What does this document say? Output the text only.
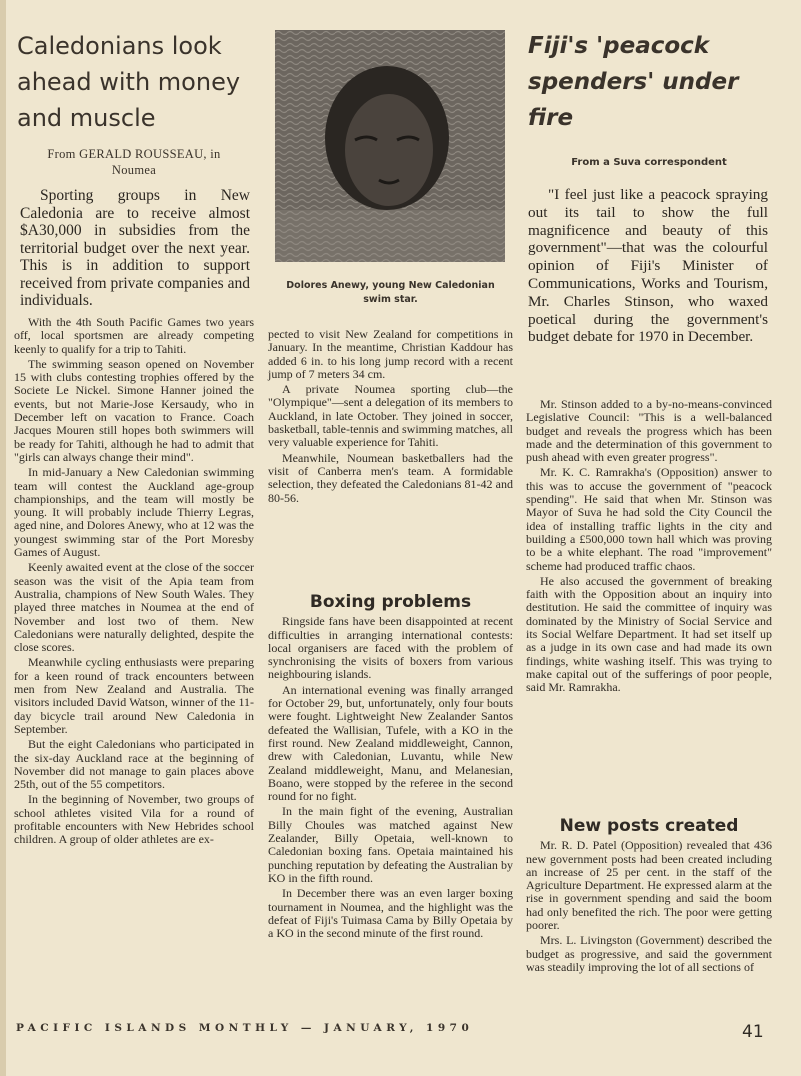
Caledonians look ahead with money and muscle
From GERALD ROUSSEAU, in
Noumea
Sporting groups in New Caledonia are to receive almost $A30,000 in subsidies from the territorial budget over the next year. This is in addition to support received from private companies and individuals.

With the 4th South Pacific Games two years off, local sportsmen are already competing keenly to qualify for a trip to Tahiti.

The swimming season opened on November 15 with clubs contesting trophies offered by the Societe Le Nickel. Simone Hanner joined the events, but not Marie-Jose Kersaudy, who in December left on vacation to France. Coach Jacques Mouren still hopes both swimmers will be ready for Tahiti, although he had to admit that "girls can always change their mind".

In mid-January a New Caledonian swimming team will contest the Auckland age-group championships, and the team will mostly be young. It will probably include Thierry Legras, aged nine, and Dolores Anewy, who at 12 was the youngest swimming star of the Port Moresby Games of August.

Keenly awaited event at the close of the soccer season was the visit of the Apia team from Australia, champions of New South Wales. They played three matches in Noumea at the end of November and lost two of them. New Caledonians were naturally delighted, despite the close scores.

Meanwhile cycling enthusiasts were preparing for a keen round of track encounters between men from New Zealand and Australia. The visitors included David Watson, winner of the 11-day bicycle trail around New Caledonia in September.

But the eight Caledonians who participated in the six-day Auckland race at the beginning of November did not manage to gain places above 25th, out of the 55 competitors.

In the beginning of November, two groups of school athletes visited Vila for a round of profitable encounters with New Hebrides school children. A group of older athletes are ex-

Dolores Anewy, young New Caledonian
swim star.

pected to visit New Zealand for competitions in January. In the meantime, Christian Kaddour has added 6 in. to his long jump record with a recent jump of 7 meters 34 cm.

A private Noumea sporting club—the "Olympique"—sent a delegation of its members to Auckland, in late October. They joined in soccer, basketball, table-tennis and swimming matches, all very valuable experience for Tahiti.

Meanwhile, Noumean basketballers had the visit of Canberra men's team. A formidable selection, they defeated the Caledonians 81-42 and 80-56.

Boxing problems

Ringside fans have been disappointed at recent difficulties in arranging international contests: local organisers are faced with the problem of synchronising the visits of boxers from various neighbouring islands.

An international evening was finally arranged for October 29, but, unfortunately, only four bouts were fought. Lightweight New Zealander Santos defeated the Wallisian, Tufele, with a KO in the first round. New Zealand middleweight, Cannon, drew with Caledonian, Luvantu, while New Zealand middleweight, Manu, and Melanesian, Boano, were stopped by the referee in the second round for no fight.

In the main fight of the evening, Australian Billy Choules was matched against New Zealander, Billy Opetaia, well-known to Caledonian boxing fans. Opetaia maintained his punching reputation by defeating the Australian by KO in the fifth round.

In December there was an even larger boxing tournament in Noumea, and the highlight was the defeat of Fiji's Tuimasa Cama by Billy Opetaia by a KO in the second minute of the first round.

Fiji's 'peacock spenders' under fire
From a Suva correspondent
"I feel just like a peacock spraying out its tail to show the full magnificence and beauty of this government"—that was the colourful opinion of Fiji's Minister of Communications, Works and Tourism, Mr. Charles Stinson, who waxed poetical during the government's budget debate for 1970 in December.

Mr. Stinson added to a by-no-means-convinced Legislative Council: "This is a well-balanced budget and reveals the progress which has been made and the determination of this government to push ahead with even greater progress".

Mr. K. C. Ramrakha's (Opposition) answer to this was to accuse the government of "peacock spending". He said that when Mr. Stinson was Mayor of Suva he had sold the City Council the idea of installing traffic lights in the city and building a £500,000 town hall which was proving to be a white elephant. The road "improvement" scheme had produced traffic chaos.

He also accused the government of breaking faith with the Opposition about an inquiry into destitution. He said the committee of inquiry was dominated by the Ministry of Social Service and its Social Welfare Department. It had set itself up as a judge in its own case and had made its own findings, white washing itself. This was trying to make capital out of the sufferings of poor people, said Mr. Ramrakha.

New posts created

Mr. R. D. Patel (Opposition) revealed that 436 new government posts had been created including an increase of 25 per cent. in the staff of the Agriculture Department. He expressed alarm at the rise in government spending and said the boom had only benefited the rich. The poor were getting poorer.

Mrs. L. Livingston (Government) described the budget as progressive, and said the government was steadily improving the lot of all sections of

PACIFIC ISLANDS MONTHLY — JANUARY, 1970	41
